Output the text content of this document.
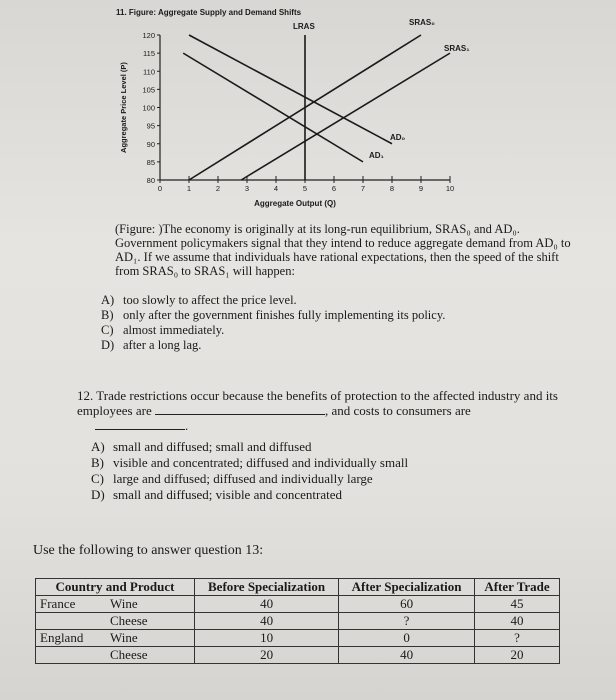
11. Figure: Aggregate Supply and Demand Shifts
80
85
90
95
100
105
110
115
120
0	1	2	3	4	5	6	7	8	9	10
Aggregate Output (Q)
Aggregate Price Level (P)
LRAS	SRAS₀
SRAS₁
AD₀
AD₁
(Figure: )The economy is originally at its long-run equilibrium, SRAS₀ and AD₀. Government policymakers signal that they intend to reduce aggregate demand from AD₀ to AD₁. If we assume that individuals have rational expectations, then the speed of the shift from SRAS₀ to SRAS₁ will happen:
A) too slowly to affect the price level.
B) only after the government finishes fully implementing its policy.
C) almost immediately.
D) after a long lag.
12. Trade restrictions occur because the benefits of protection to the affected industry and its employees are	, and costs to consumers are
.
A) small and diffused; small and diffused
B) visible and concentrated; diffused and individually small
C) large and diffused; diffused and individually large
D) small and diffused; visible and concentrated
Use the following to answer question 13:
Country and Product	Before Specialization	After Specialization	After Trade
France Wine	40	60	45
Cheese	40	?	40
England Wine	10	0	?
Cheese	20	40	20
